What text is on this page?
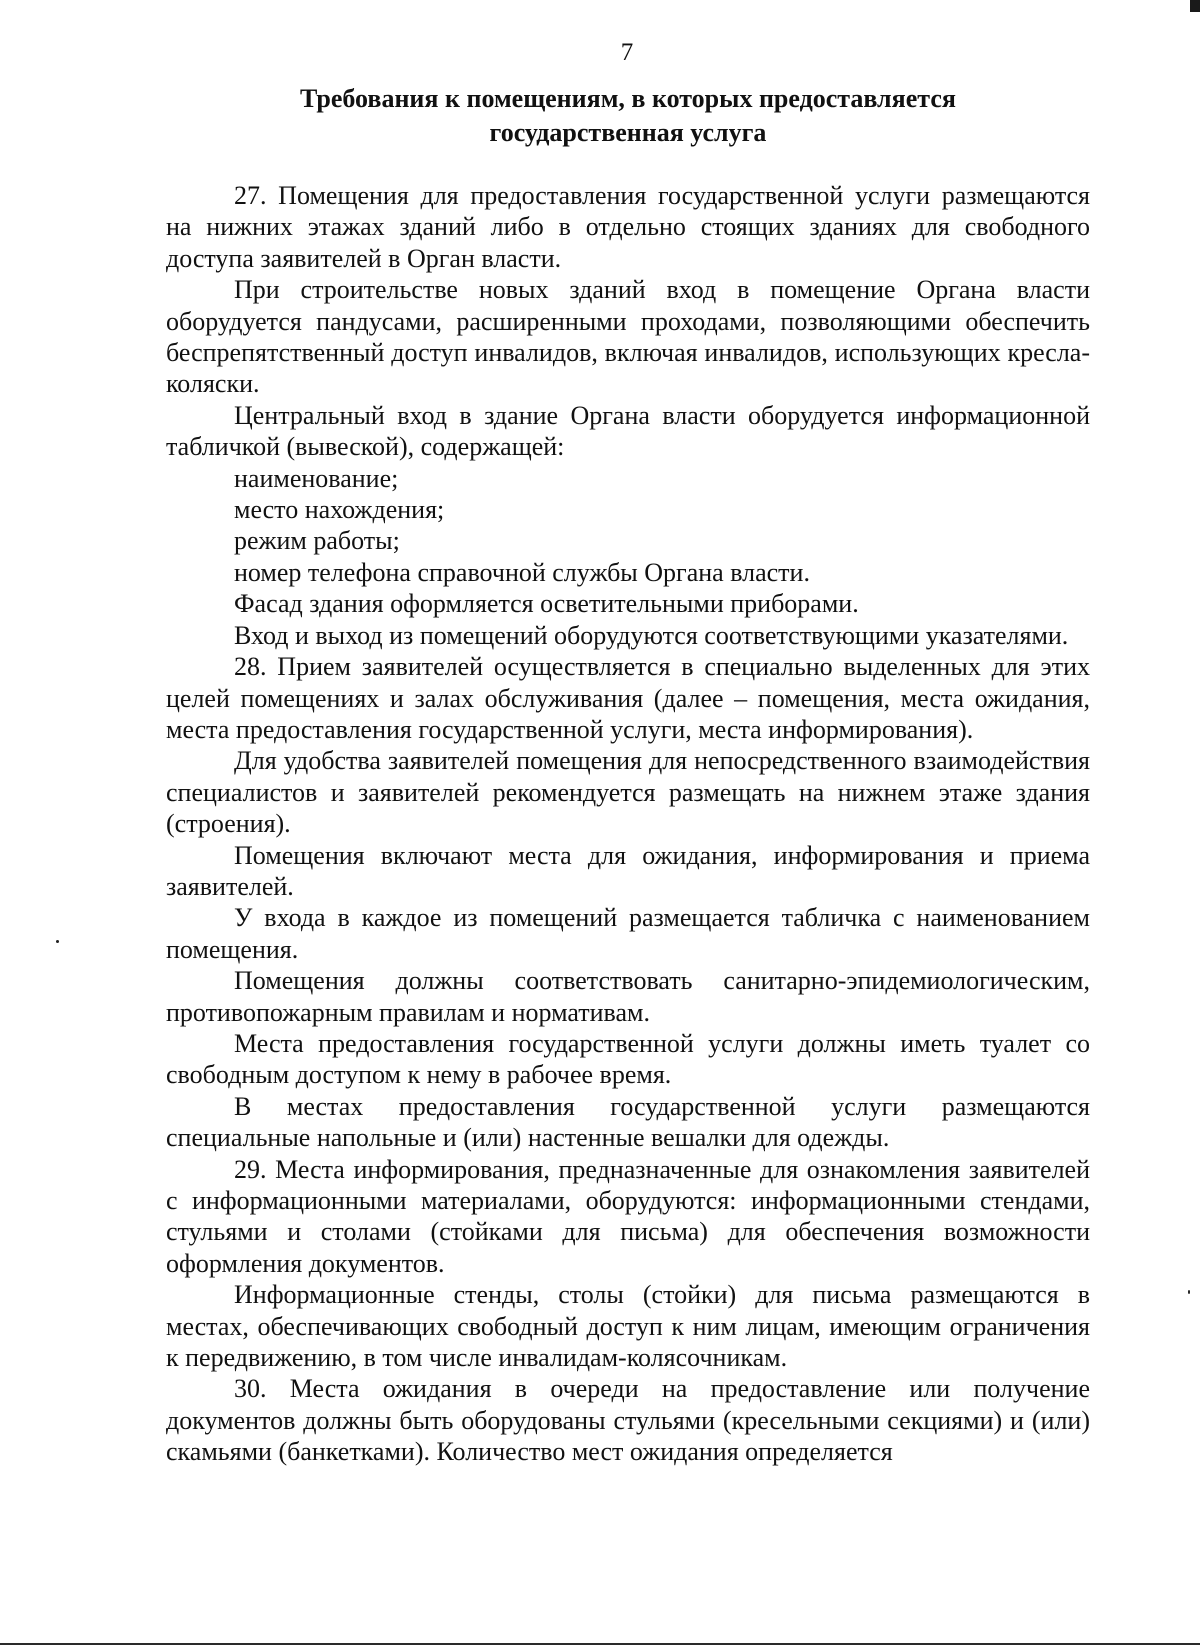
7
Требования к помещениям, в которых предоставляется
государственная услуга

27. Помещения для предоставления государственной услуги размещаются на нижних этажах зданий либо в отдельно стоящих зданиях для свободного доступа заявителей в Орган власти.

При строительстве новых зданий вход в помещение Органа власти оборудуется пандусами, расширенными проходами, позволяющими обеспечить беспрепятственный доступ инвалидов, включая инвалидов, использующих кресла-коляски.

Центральный вход в здание Органа власти оборудуется информационной табличкой (вывеской), содержащей:

наименование;

место нахождения;

режим работы;

номер телефона справочной службы Органа власти.

Фасад здания оформляется осветительными приборами.

Вход и выход из помещений оборудуются соответствующими указателями.

28. Прием заявителей осуществляется в специально выделенных для этих целей помещениях и залах обслуживания (далее – помещения, места ожидания, места предоставления государственной услуги, места информирования).

Для удобства заявителей помещения для непосредственного взаимодействия специалистов и заявителей рекомендуется размещать на нижнем этаже здания (строения).

Помещения включают места для ожидания, информирования и приема заявителей.

У входа в каждое из помещений размещается табличка с наименованием помещения.

Помещения должны соответствовать санитарно-эпидемиологическим, противопожарным правилам и нормативам.

Места предоставления государственной услуги должны иметь туалет со свободным доступом к нему в рабочее время.

В местах предоставления государственной услуги размещаются специальные напольные и (или) настенные вешалки для одежды.

29. Места информирования, предназначенные для ознакомления заявителей с информационными материалами, оборудуются: информационными стендами, стульями и столами (стойками для письма) для обеспечения возможности оформления документов.

Информационные стенды, столы (стойки) для письма размещаются в местах, обеспечивающих свободный доступ к ним лицам, имеющим ограничения к передвижению, в том числе инвалидам-колясочникам.

30. Места ожидания в очереди на предоставление или получение документов должны быть оборудованы стульями (кресельными секциями) и (или) скамьями (банкетками). Количество мест ожидания определяется
